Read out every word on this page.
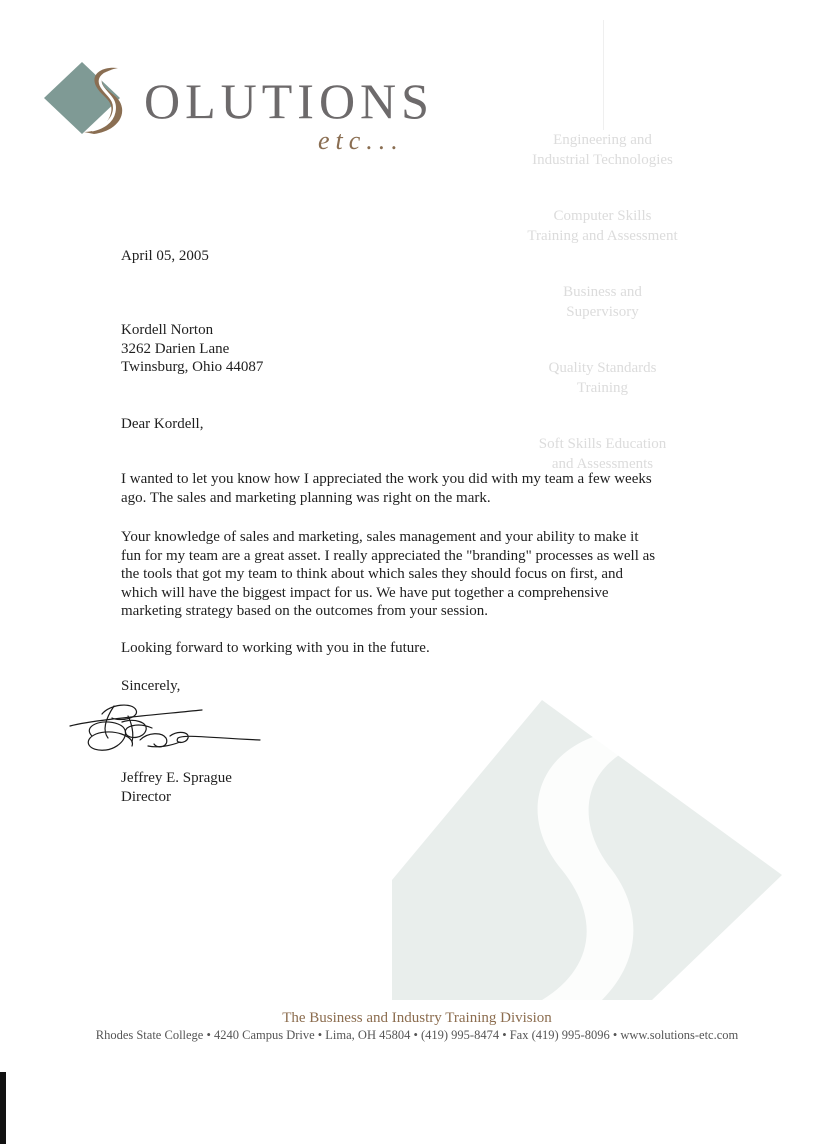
OLUTIONS
etc...	Engineering and
Industrial Technologies
Computer Skills
Training and Assessment
Business and
Supervisory
Quality Standards
Training
Soft Skills Education
and Assessments
April 05, 2005
Kordell Norton
3262 Darien Lane
Twinsburg, Ohio 44087
Dear Kordell,
I wanted to let you know how I appreciated the work you did with my team a few weeks
ago. The sales and marketing planning was right on the mark.
Your knowledge of sales and marketing, sales management and your ability to make it
fun for my team are a great asset. I really appreciated the "branding" processes as well as
the tools that got my team to think about which sales they should focus on first, and
which will have the biggest impact for us. We have put together a comprehensive
marketing strategy based on the outcomes from your session.
Looking forward to working with you in the future.
Sincerely,
Jeffrey E. Sprague
Director
The Business and Industry Training Division
Rhodes State College • 4240 Campus Drive • Lima, OH 45804 • (419) 995-8474 • Fax (419) 995-8096 • www.solutions-etc.com
